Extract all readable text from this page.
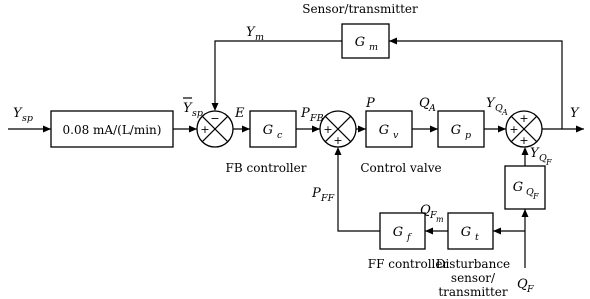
0.08 mA/(L/min)
G m
G c	G v	G p
G Q F
G f	G t
−
+	+
+
+
+
+
Sensor/transmitter
FB controller	Control valve
FF controller
Disturbance
sensor/
transmitter
Y sp
Y sp
Y m
E	P FB
P	Q A	Y Q A	Y
Y Q F
P FF
Q F m
Q F
